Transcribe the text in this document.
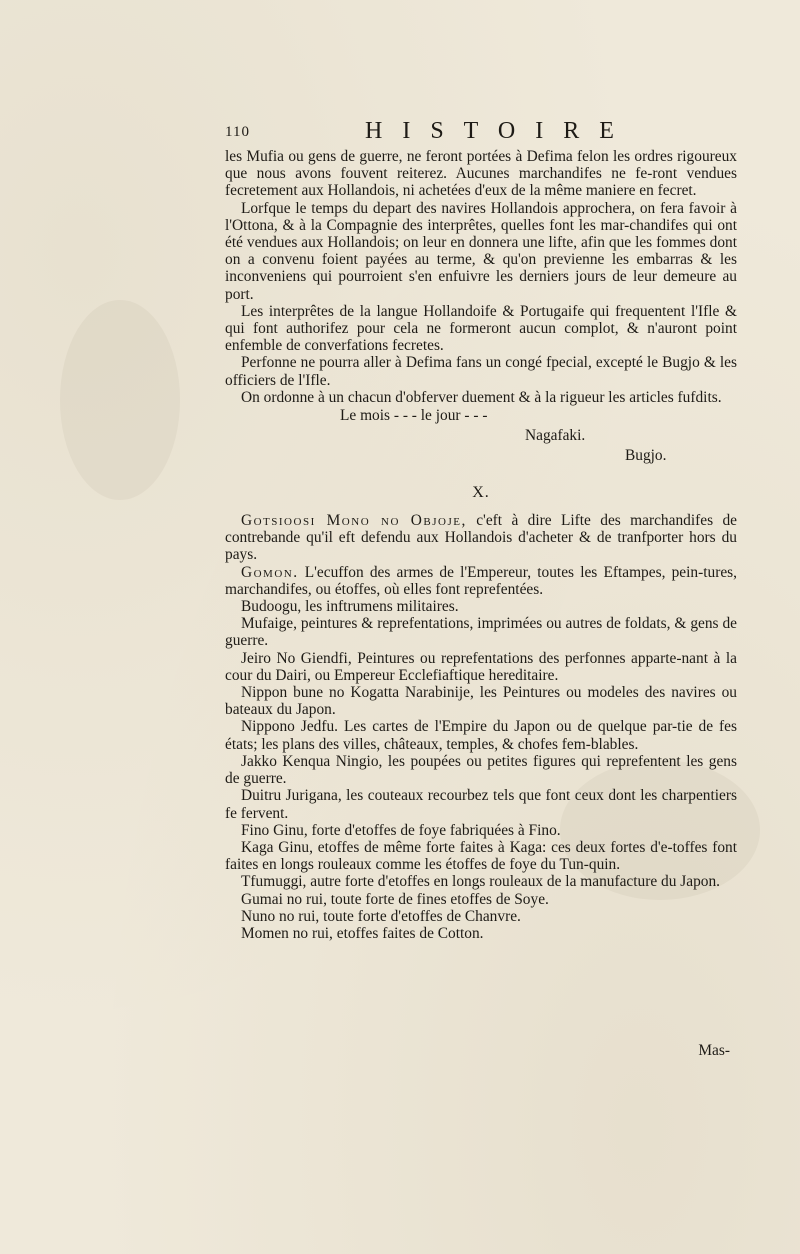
110	HISTOIRE

les Mufia ou gens de guerre, ne feront portées à Defima felon les ordres rigoureux que nous avons fouvent reiterez. Aucunes marchandifes ne fe-ront vendues fecretement aux Hollandois, ni achetées d'eux de la même maniere en fecret.

Lorfque le temps du depart des navires Hollandois approchera, on fera favoir à l'Ottona, & à la Compagnie des interprêtes, quelles font les mar-chandifes qui ont été vendues aux Hollandois; on leur en donnera une lifte, afin que les fommes dont on a convenu foient payées au terme, & qu'on previenne les embarras & les inconveniens qui pourroient s'en enfuivre les derniers jours de leur demeure au port.

Les interprêtes de la langue Hollandoife & Portugaife qui frequentent l'Ifle & qui font authorifez pour cela ne formeront aucun complot, & n'auront point enfemble de converfations fecretes.

Perfonne ne pourra aller à Defima fans un congé fpecial, excepté le Bugjo & les officiers de l'Ifle.

On ordonne à un chacun d'obferver duement & à la rigueur les articles fufdits.

Le mois - - - le jour - - -

Nagafaki.

Bugjo.

X.

Gotsioosi Mono no Objoje, c'eft à dire Lifte des marchandifes de contrebande qu'il eft defendu aux Hollandois d'acheter & de tranfporter hors du pays.

Gomon. L'ecuffon des armes de l'Empereur, toutes les Eftampes, pein-tures, marchandifes, ou étoffes, où elles font reprefentées.

Budoogu, les inftrumens militaires.

Mufaige, peintures & reprefentations, imprimées ou autres de foldats, & gens de guerre.

Jeiro No Giendfi, Peintures ou reprefentations des perfonnes apparte-nant à la cour du Dairi, ou Empereur Ecclefiaftique hereditaire.

Nippon bune no Kogatta Narabinije, les Peintures ou modeles des navires ou bateaux du Japon.

Nippono Jedfu. Les cartes de l'Empire du Japon ou de quelque par-tie de fes états; les plans des villes, châteaux, temples, & chofes fem-blables.

Jakko Kenqua Ningio, les poupées ou petites figures qui reprefentent les gens de guerre.

Duitru Jurigana, les couteaux recourbez tels que font ceux dont les charpentiers fe fervent.

Fino Ginu, forte d'etoffes de foye fabriquées à Fino.

Kaga Ginu, etoffes de même forte faites à Kaga: ces deux fortes d'e-toffes font faites en longs rouleaux comme les étoffes de foye du Tun-quin.

Tfumuggi, autre forte d'etoffes en longs rouleaux de la manufacture du Japon.

Gumai no rui, toute forte de fines etoffes de Soye.

Nuno no rui, toute forte d'etoffes de Chanvre.

Momen no rui, etoffes faites de Cotton.

Mas-
